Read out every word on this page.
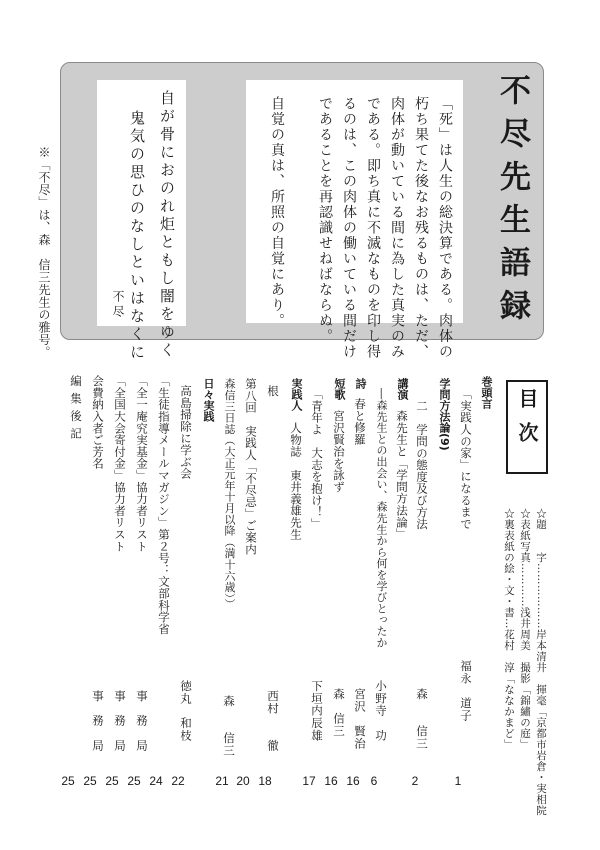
不尽先生語録
「死」は人生の総決算である。肉体の
朽ち果てた後なお残るものは、ただ、
肉体が動いている間に為した真実のみ
である。即ち真に不滅なものを印し得
るのは、この肉体の働いている間だけ
であることを再認識せねばならぬ。
自覚の真は、所照の自覚にあり。
自が骨におのれ炬ともし闇をゆく
鬼気の思ひのなしといはなくに
不尽
※「不尽」は、森　信三先生の雅号。
目次
☆題　　字………………岸本清井　揮毫「京都市岩倉・実相院
☆表紙写真…………浅井周美　撮影「錦繡の庭」
☆裏表紙の絵・文・書…花村　淳「ななかまど」
巻頭言
「実践人の家」になるまで
福永　道子
1
学問方法論(9)
二　学問の態度及び方法
森　　信三
2
講演
森先生と「学問方法論」
―森先生との出会い、森先生から何を学びとったか
小野寺　功
6
詩
春と修羅
宮沢　賢治
16
短歌
宮沢賢治を詠ず
森　信三
16
「青年よ　大志を抱け！」
下垣内辰雄
17
実践人
人物誌　東井義雄先生
根
西村　　徹
18
第八回　実践人「不尽忌」ご案内
20
森信三日誌（大正元年十月以降（満十六歳））
森　　信三
21
日々実践
高島掃除に学ぶ会
徳丸　和枝
22
「生徒指導メールマガジン」第２号：文部科学省
24
「全一庵究実基金」協力者リスト
事　務　局
25
「全国大会寄付金」協力者リスト
事　務　局
25
会費納入者ご芳名
事　務　局
25
編集後記
25
